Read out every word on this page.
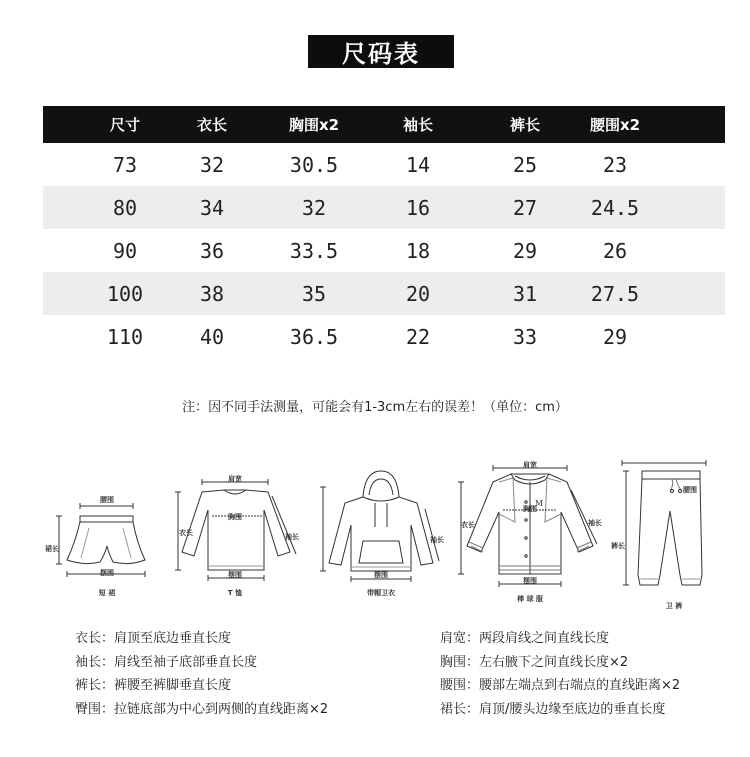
尺码表
尺寸	衣长	胸围x2	袖长	裤长	腰围x2
73	32	30.5	14	25	23
80	34	32	16	27	24.5
90	36	33.5	18	29	26
100	38	35	20	31	27.5
110	40	36.5	22	33	29
注：因不同手法测量，可能会有1-3cm左右的误差！（单位：cm）
腰围
裙长
摆围
短 裙
肩宽
胸围
衣长	袖长
摆围
T 恤
袖长
摆围
带帽卫衣
M
肩宽
胸围
衣长	袖长
摆围
棒 球 服
腰围
裤长
卫 裤
衣长：肩顶至底边垂直长度
袖长：肩线至袖子底部垂直长度
裤长：裤腰至裤脚垂直长度
臀围：拉链底部为中心到两侧的直线距离×2
肩宽：两段肩线之间直线长度
胸围：左右腋下之间直线长度×2
腰围：腰部左端点到右端点的直线距离×2
裙长：肩顶/腰头边缘至底边的垂直长度
